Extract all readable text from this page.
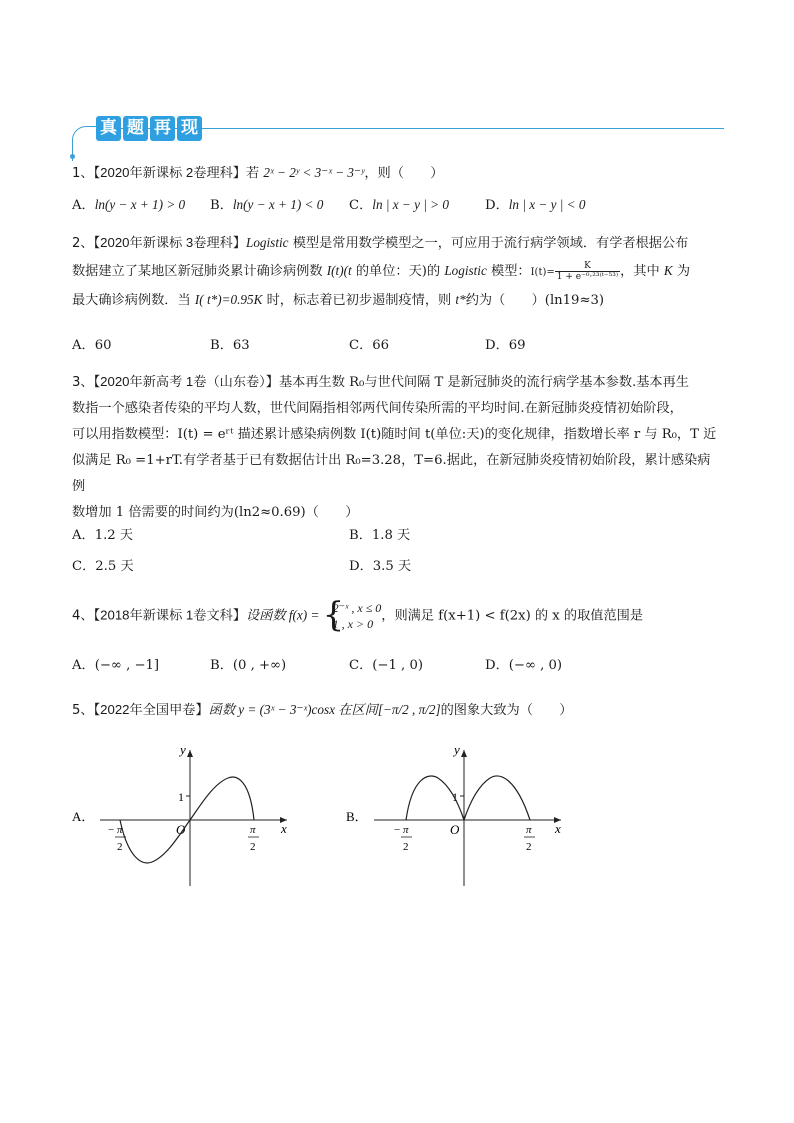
真 题 再 现
1、【2020年新课标 2卷理科】若 2ˣ − 2ʸ < 3⁻ˣ − 3⁻ʸ，则（　　）
A．ln(y − x + 1) > 0 B．ln(y − x + 1) < 0 C．ln | x − y | > 0	D．ln | x − y | < 0
2、【2020年新课标 3卷理科】Logistic 模型是常用数学模型之一，可应用于流行病学领域．有学者根据公布
数据建立了某地区新冠肺炎累计确诊病例数 I(t)(t 的单位：天)的 Logistic 模型：$I(t)= \frac{K}{\text{1 + e⁻⁰·²³⁽ᵗ⁻⁵³⁾}}$ ，其中 K 为
最大确诊病例数．当 I( t*)=0.95K 时，标志着已初步遏制疫情，则 t*约为（　　）(ln19≈3)
A．60	B．63	C．66	D．69
3、【2020年新高考 1卷（山东卷）】基本再生数 R₀与世代间隔 T 是新冠肺炎的流行病学基本参数.基本再生
数指一个感染者传染的平均人数，世代间隔指相邻两代间传染所需的平均时间.在新冠肺炎疫情初始阶段，
可以用指数模型：I(t) = eʳᵗ 描述累计感染病例数 I(t)随时间 t(单位:天)的变化规律，指数增长率 r 与 R₀，T 近
似满足 R₀ =1+rT.有学者基于已有数据估计出 R₀=3.28，T=6.据此，在新冠肺炎疫情初始阶段，累计感染病例
数增加 1 倍需要的时间约为(ln2≈0.69)（　　）
A．1.2 天	B．1.8 天
C．2.5 天	D．3.5 天
4、【2018年新课标 1卷文科】设函数 f(x) = {
2⁻ˣ , x ≤ 0
1 , x > 0
，则满足 f(x+1) < f(2x) 的 x 的取值范围是
A．(−∞ , −1]	B．(0 , +∞)	C．(−1 , 0)	D．(−∞ , 0)
5、【2022年全国甲卷】函数 y = (3ˣ − 3⁻ˣ)cosx 在区间[−π/2 , π/2]的图象大致为（　　）
A．
y
x
O
1
− π
2
π
2
B．
y
x
O
1
− π
2
π
2
